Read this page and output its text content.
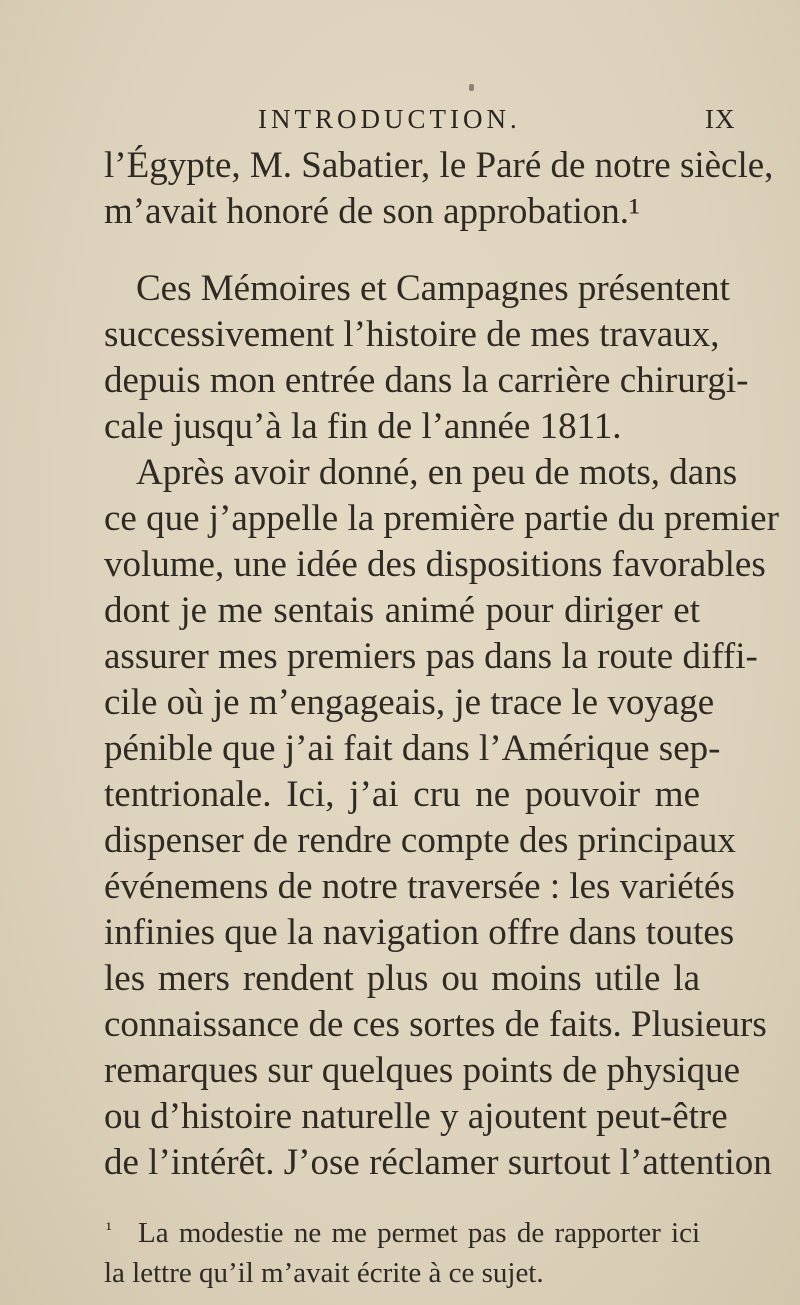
INTRODUCTION.	IX
l’Égypte, M. Sabatier, le Paré de notre siècle,
m’avait honoré de son approbation.¹
Ces Mémoires et Campagnes présentent
successivement l’histoire de mes travaux,
depuis mon entrée dans la carrière chirurgi-
cale jusqu’à la fin de l’année 1811.
Après avoir donné, en peu de mots, dans
ce que j’appelle la première partie du premier
volume, une idée des dispositions favorables
dont je me sentais animé pour diriger et
assurer mes premiers pas dans la route diffi-
cile où je m’engageais, je trace le voyage
pénible que j’ai fait dans l’Amérique sep-
tentrionale. Ici, j’ai cru ne pouvoir me
dispenser de rendre compte des principaux
événemens de notre traversée : les variétés
infinies que la navigation offre dans toutes
les mers rendent plus ou moins utile la
connaissance de ces sortes de faits. Plusieurs
remarques sur quelques points de physique
ou d’histoire naturelle y ajoutent peut-être
de l’intérêt. J’ose réclamer surtout l’attention
¹ La modestie ne me permet pas de rapporter ici
la lettre qu’il m’avait écrite à ce sujet.
